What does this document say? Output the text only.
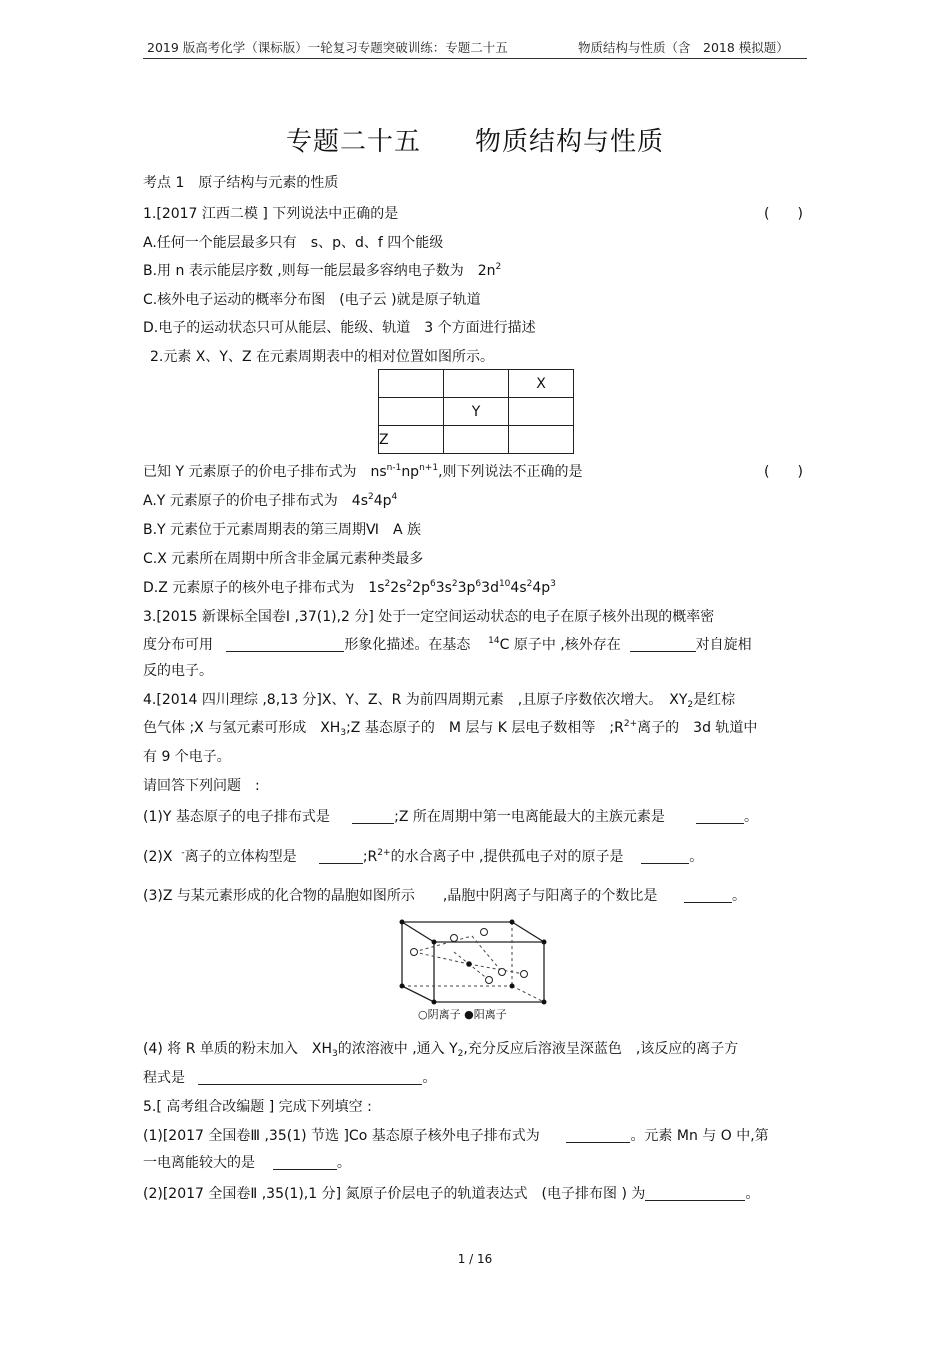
2019 版高考化学（课标版）一轮复习专题突破训练：专题二十五	物质结构与性质（含　2018 模拟题）
专题二十五　　物质结构与性质
考点 1　原子结构与元素的性质
1.[2017 江西二模 ] 下列说法中正确的是	(　　)
A.任何一个能层最多只有　s、p、d、f 四个能级
B.用 n 表示能层序数 ,则每一能层最多容纳电子数为　$2n^2$
C.核外电子运动的概率分布图　(电子云 )就是原子轨道
D.电子的运动状态只可从能层、能级、轨道　3 个方面进行描述
2.元素 X、Y、Z 在元素周期表中的相对位置如图所示。
		X
	Y	
Z		
已知 Y 元素原子的价电子排布式为　$ns^{n-1}np^{n+1}$,则下列说法不正确的是	(　　)
A.Y 元素原子的价电子排布式为　$4s^24p^4$
B.Y 元素位于元素周期表的第三周期Ⅵ　A 族
C.X 元素所在周期中所含非金属元素种类最多
D.Z 元素原子的核外电子排布式为　$1s^22s^22p^63s^23p^63d^{10}4s^24p^3$
3.[2015 新课标全国卷Ⅰ ,37(1),2 分] 处于一定空间运动状态的电子在原子核外出现的概率密
度分布可用	形象化描述。在基态 $^{14}$C 原子中 ,核外存在	对自旋相
反的电子。
4.[2014 四川理综 ,8,13 分]X、Y、Z、R 为前四周期元素　,且原子序数依次增大。　$XY_2$是红棕
色气体 ;X 与氢元素可形成　$XH_3;Z$ 基态原子的　M 层与 K 层电子数相等　$;R^{2+}$离子的　3d 轨道中
有 9 个电子。
请回答下列问题　:
(1)Y 基态原子的电子排布式是	;Z 所在周期中第一电离能最大的主族元素是	。
(2)X -离子的立体构型是	$;R^{2+}$的水合离子中 ,提供孤电子对的原子是	。
(3)Z 与某元素形成的化合物的晶胞如图所示　　,晶胞中阴离子与阳离子的个数比是	。
○阴离子 ●阳离子
(4) 将 R 单质的粉末加入　$XH_3$的浓溶液中 ,通入 $Y_2$,充分反应后溶液呈深蓝色　,该反应的离子方
程式是	。
5.[ 高考组合改编题 ] 完成下列填空 :
(1)[2017 全国卷Ⅲ ,35(1) 节选 ]Co 基态原子核外电子排布式为	。元素 Mn 与 O 中,第
一电离能较大的是	。
(2)[2017 全国卷Ⅱ ,35(1),1 分] 氮原子价层电子的轨道表达式　(电子排布图 ) 为	。
1 / 16
